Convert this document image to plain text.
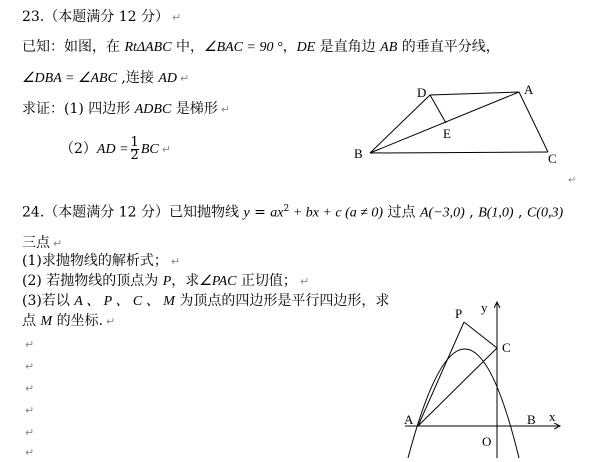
23.（本题满分 12 分） ↵
已知：如图，在 RtΔABC 中，∠BAC = 90 °，DE 是直角边 AB 的垂直平分线，
∠DBA = ∠ABC ,连接 AD ↵
求证：(1) 四边形 ADBC 是梯形 ↵
$(2)AD = \frac{1}{2}$ BC ↵
D	A
E
B	C
↵
24.（本题满分 12 分）已知抛物线 $y = ax^2$ + bx + c (a ≠ 0) 过点 A(−3,0) , B(1,0) , C(0,3)
三点 ↵
(1)求抛物线的解析式； ↵
(2) 若抛物线的顶点为 P，求∠PAC 正切值； ↵
(3)若以 A 、 P 、 C 、 M 为顶点的四边形是平行四边形，求
点 M 的坐标. ↵
↵
↵
↵
↵
↵
↵
P y
C
A	B x
O
